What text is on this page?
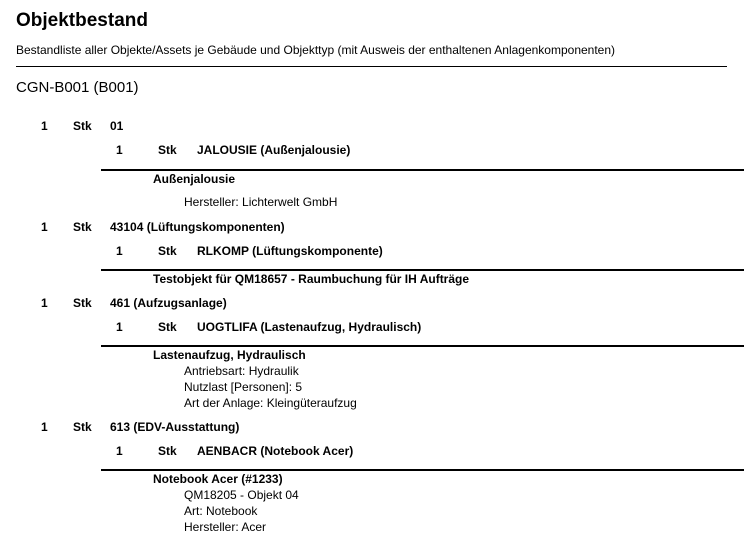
Objektbestand
Bestandliste aller Objekte/Assets je Gebäude und Objekttyp (mit Ausweis der enthaltenen Anlagenkomponenten)
CGN-B001 (B001)
1 Stk 01
1	Stk JALOUSIE (Außenjalousie)
Außenjalousie
Hersteller: Lichterwelt GmbH
1 Stk 43104 (Lüftungskomponenten)
1	Stk RLKOMP (Lüftungskomponente)
Testobjekt für QM18657 - Raumbuchung für IH Aufträge
1 Stk 461 (Aufzugsanlage)
1	Stk UOGTLIFA (Lastenaufzug, Hydraulisch)
Lastenaufzug, Hydraulisch
Antriebsart: Hydraulik
Nutzlast [Personen]: 5
Art der Anlage: Kleingüteraufzug
1 Stk 613 (EDV-Ausstattung)
1	Stk AENBACR (Notebook Acer)
Notebook Acer (#1233)
QM18205 - Objekt 04
Art: Notebook
Hersteller: Acer
